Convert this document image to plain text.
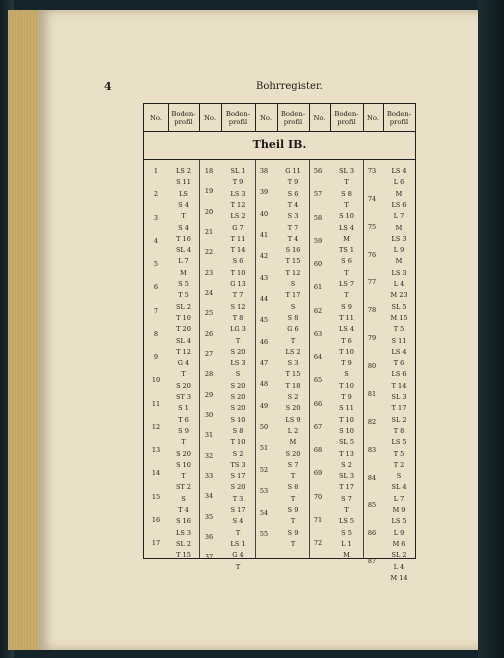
4	Bohrregister.
No. Boden-
profil No. Boden-
profil No. Boden-
profil No. Boden-
profil No. Boden-
profil
Theil IB.
1
2
3
4
5
6
7
8
9
10
11
12
13
14
15
16
17
LS 2
S 11
LS
S 4
T
S 4
T 16
SL 4
L 7
M
S 5
T 5
SL 2
T 10
T 20
SL 4
T 12
G 4
T
S 20
ST 3
S 1
T 6
S 9
T
S 20
S 10
T
ST 2
S
T 4
S 16
LS 3
SL 2
T 15
18
19
20
21
22
23
24
25
26
27
28
29
30
31
32
33
34
35
36
37
SL 1
T 9
LS 3
T 12
LS 2
G 7
T 11
T 14
S 6
T 10
G 13
T 7
S 12
T 8
LG 3
T
S 20
LS 3
S
S 20
S 20
S 20
S 10
S 8
T 10
S 2
TS 3
S 17
S 20
T 3
S 17
S 4
T
LS 1
G 4
T
38
39
40
41
42
43
44
45
46
47
48
49
50
51
52
53
54
55
G 11
T 9
S 6
T 4
S 3
T 7
T 4
S 16
T 15
T 12
S
T 17
S
S 8
G 6
T
LS 2
S 3
T 15
T 18
S 2
S 20
LS 9
L 2
M
S 20
S 7
T
S 8
T
S 9
T
S 9
T
56
57
58
59
60
61
62
63
64
65
66
67
68
69
70
71
72
SL 3
T
S 8
T
S 10
LS 4
M
TS 1
S 6
T
LS 7
T
S 9
T 11
LS 4
T 6
T 10
T 9
S
T 10
T 9
S 11
T 10
S 10
SL 5
T 13
S 2
SL 3
T 17
S 7
T
LS 5
S 5
L 1
M
73
74
75
76
77
78
79
80
81
82
83
84
85
86
87
LS 4
L 6
M
LS 6
L 7
M
LS 3
L 9
M
LS 3
L 4
M 23
SL 5
M 15
T 5
S 11
LS 4
T 6
LS 6
T 14
SL 3
T 17
SL 2
T 8
LS 5
T 5
T 2
S
SL 4
L 7
M 9
LS 5
L 9
M 6
SL 2
L 4
M 14
